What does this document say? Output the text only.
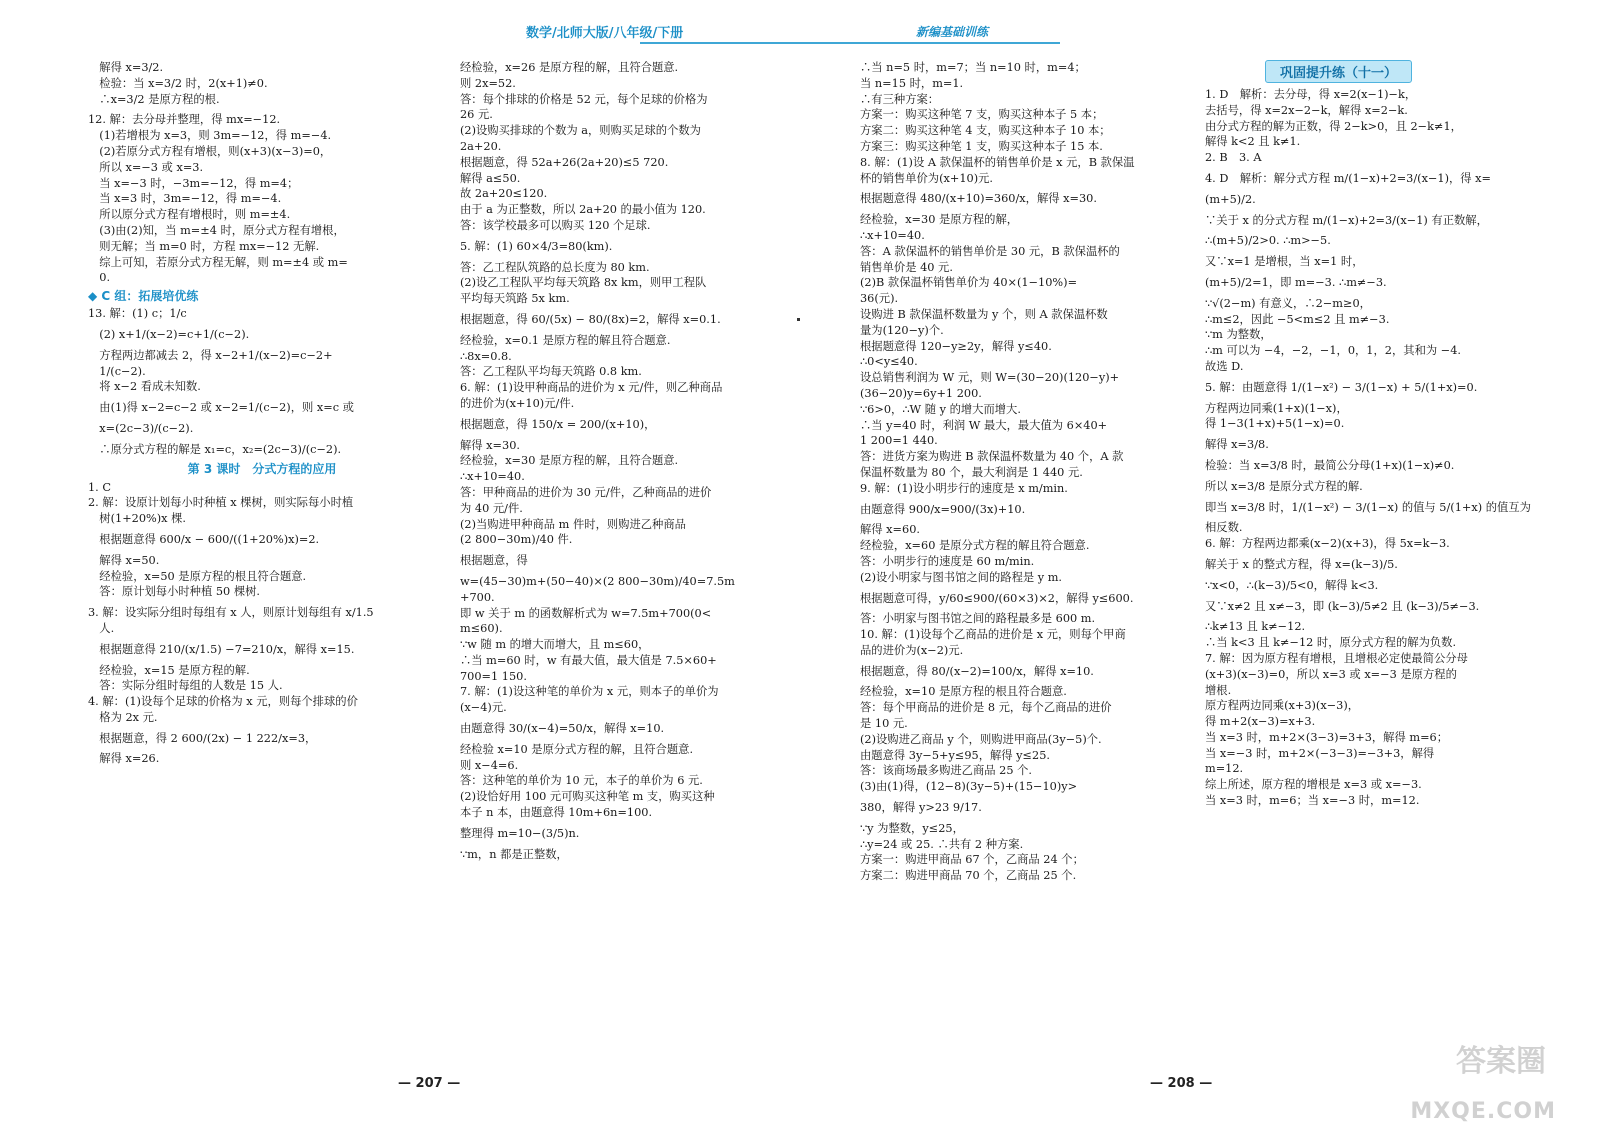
数学/北师大版/八年级/下册	新编基础训练
　解得 x=3/2.
　检验：当 x=3/2 时，2(x+1)≠0.
　∴x=3/2 是原方程的根.
12. 解：去分母并整理，得 mx=−12.
　(1)若增根为 x=3，则 3m=−12，得 m=−4.
　(2)若原分式方程有增根，则(x+3)(x−3)=0，
　所以 x=−3 或 x=3.
　当 x=−3 时，−3m=−12，得 m=4；
　当 x=3 时，3m=−12，得 m=−4.
　所以原分式方程有增根时，则 m=±4.
　(3)由(2)知，当 m=±4 时，原分式方程有增根，
　则无解；当 m=0 时，方程 mx=−12 无解.
　综上可知，若原分式方程无解，则 m=±4 或 m=
　0.
◆ C 组：拓展培优练
13. 解：(1) c；1/c
　(2) x+1/(x−2)=c+1/(c−2).
　方程两边都减去 2，得 x−2+1/(x−2)=c−2+
　1/(c−2).
　将 x−2 看成未知数.
　由(1)得 x−2=c−2 或 x−2=1/(c−2)，则 x=c 或
　x=(2c−3)/(c−2).
　∴原分式方程的解是 x₁=c，x₂=(2c−3)/(c−2).
第 3 课时　分式方程的应用
1. C
2. 解：设原计划每小时种植 x 棵树，则实际每小时植
　树(1+20%)x 棵.
　根据题意得 600/x − 600/((1+20%)x)=2.
　解得 x=50.
　经检验，x=50 是原方程的根且符合题意.
　答：原计划每小时种植 50 棵树.
3. 解：设实际分组时每组有 x 人，则原计划每组有 x/1.5
　人.
　根据题意得 210/(x/1.5) −7=210/x，解得 x=15.
　经检验，x=15 是原方程的解.
　答：实际分组时每组的人数是 15 人.
4. 解：(1)设每个足球的价格为 x 元，则每个排球的价
　格为 2x 元.
　根据题意，得 2 600/(2x) − 1 222/x=3，
　解得 x=26.
经检验，x=26 是原方程的解，且符合题意.
则 2x=52.
答：每个排球的价格是 52 元，每个足球的价格为
26 元.
(2)设购买排球的个数为 a，则购买足球的个数为
2a+20.
根据题意，得 52a+26(2a+20)≤5 720.
解得 a≤50.
故 2a+20≤120.
由于 a 为正整数，所以 2a+20 的最小值为 120.
答：该学校最多可以购买 120 个足球.
5. 解：(1) 60×4/3=80(km).
答：乙工程队筑路的总长度为 80 km.
(2)设乙工程队平均每天筑路 8x km，则甲工程队
平均每天筑路 5x km.
根据题意，得 60/(5x) − 80/(8x)=2，解得 x=0.1.
经检验，x=0.1 是原方程的解且符合题意.
∴8x=0.8.
答：乙工程队平均每天筑路 0.8 km.
6. 解：(1)设甲种商品的进价为 x 元/件，则乙种商品
的进价为(x+10)元/件.
根据题意，得 150/x = 200/(x+10)，
解得 x=30.
经检验，x=30 是原方程的解，且符合题意.
∴x+10=40.
答：甲种商品的进价为 30 元/件，乙种商品的进价
为 40 元/件.
(2)当购进甲种商品 m 件时，则购进乙种商品
(2 800−30m)/40 件.
根据题意，得
w=(45−30)m+(50−40)×(2 800−30m)/40=7.5m
+700.
即 w 关于 m 的函数解析式为 w=7.5m+700(0<
m≤60).
∵w 随 m 的增大而增大，且 m≤60，
∴当 m=60 时，w 有最大值，最大值是 7.5×60+
700=1 150.
7. 解：(1)设这种笔的单价为 x 元，则本子的单价为
(x−4)元.
由题意得 30/(x−4)=50/x，解得 x=10.
经检验 x=10 是原分式方程的解，且符合题意.
则 x−4=6.
答：这种笔的单价为 10 元，本子的单价为 6 元.
(2)设恰好用 100 元可购买这种笔 m 支，购买这种
本子 n 本，由题意得 10m+6n=100.
整理得 m=10−(3/5)n.
∵m，n 都是正整数，
∴当 n=5 时，m=7；当 n=10 时，m=4；
当 n=15 时，m=1.
∴有三种方案：
方案一：购买这种笔 7 支，购买这种本子 5 本；
方案二：购买这种笔 4 支，购买这种本子 10 本；
方案三：购买这种笔 1 支，购买这种本子 15 本.
8. 解：(1)设 A 款保温杯的销售单价是 x 元，B 款保温
杯的销售单价为(x+10)元.
根据题意得 480/(x+10)=360/x，解得 x=30.
经检验，x=30 是原方程的解，
∴x+10=40.
答：A 款保温杯的销售单价是 30 元，B 款保温杯的
销售单价是 40 元.
(2)B 款保温杯销售单价为 40×(1−10%)=
36(元).
设购进 B 款保温杯数量为 y 个，则 A 款保温杯数
量为(120−y)个.
根据题意得 120−y≥2y，解得 y≤40.
∴0<y≤40.
设总销售利润为 W 元，则 W=(30−20)(120−y)+
(36−20)y=6y+1 200.
∵6>0，∴W 随 y 的增大而增大.
∴当 y=40 时，利润 W 最大，最大值为 6×40+
1 200=1 440.
答：进货方案为购进 B 款保温杯数量为 40 个，A 款
保温杯数量为 80 个，最大利润是 1 440 元.
9. 解：(1)设小明步行的速度是 x m/min.
由题意得 900/x=900/(3x)+10.
解得 x=60.
经检验，x=60 是原分式方程的解且符合题意.
答：小明步行的速度是 60 m/min.
(2)设小明家与图书馆之间的路程是 y m.
根据题意可得，y/60≤900/(60×3)×2，解得 y≤600.
答：小明家与图书馆之间的路程最多是 600 m.
10. 解：(1)设每个乙商品的进价是 x 元，则每个甲商
品的进价为(x−2)元.
根据题意，得 80/(x−2)=100/x，解得 x=10.
经检验，x=10 是原方程的根且符合题意.
答：每个甲商品的进价是 8 元，每个乙商品的进价
是 10 元.
(2)设购进乙商品 y 个，则购进甲商品(3y−5)个.
由题意得 3y−5+y≤95，解得 y≤25.
答：该商场最多购进乙商品 25 个.
(3)由(1)得，(12−8)(3y−5)+(15−10)y>
380，解得 y>23 9/17.
∵y 为整数，y≤25，
∴y=24 或 25. ∴共有 2 种方案.
方案一：购进甲商品 67 个，乙商品 24 个；
方案二：购进甲商品 70 个，乙商品 25 个.
巩固提升练（十一）
1. D　解析：去分母，得 x=2(x−1)−k，
去括号，得 x=2x−2−k，解得 x=2−k.
由分式方程的解为正数，得 2−k>0，且 2−k≠1，
解得 k<2 且 k≠1.
2. B　3. A
4. D　解析：解分式方程 m/(1−x)+2=3/(x−1)，得 x=
(m+5)/2.
∵关于 x 的分式方程 m/(1−x)+2=3/(x−1) 有正数解，
∴(m+5)/2>0. ∴m>−5.
又∵x=1 是增根，当 x=1 时，
(m+5)/2=1，即 m=−3. ∴m≠−3.
∵√(2−m) 有意义，∴2−m≥0，
∴m≤2，因此 −5<m≤2 且 m≠−3.
∵m 为整数，
∴m 可以为 −4，−2，−1，0，1，2，其和为 −4.
故选 D.
5. 解：由题意得 1/(1−x²) − 3/(1−x) + 5/(1+x)=0.
方程两边同乘(1+x)(1−x)，
得 1−3(1+x)+5(1−x)=0.
解得 x=3/8.
检验：当 x=3/8 时，最简公分母(1+x)(1−x)≠0.
所以 x=3/8 是原分式方程的解.
即当 x=3/8 时，1/(1−x²) − 3/(1−x) 的值与 5/(1+x) 的值互为
相反数.
6. 解：方程两边都乘(x−2)(x+3)，得 5x=k−3.
解关于 x 的整式方程，得 x=(k−3)/5.
∵x<0，∴(k−3)/5<0，解得 k<3.
又∵x≠2 且 x≠−3，即 (k−3)/5≠2 且 (k−3)/5≠−3.
∴k≠13 且 k≠−12.
∴当 k<3 且 k≠−12 时，原分式方程的解为负数.
7. 解：因为原方程有增根，且增根必定使最简公分母
(x+3)(x−3)=0，所以 x=3 或 x=−3 是原方程的
增根.
原方程两边同乘(x+3)(x−3)，
得 m+2(x−3)=x+3.
当 x=3 时，m+2×(3−3)=3+3，解得 m=6；
当 x=−3 时，m+2×(−3−3)=−3+3，解得
m=12.
综上所述，原方程的增根是 x=3 或 x=−3.
当 x=3 时，m=6；当 x=−3 时，m=12.
— 207 —	— 208 —
答案圈
MXQE.COM
